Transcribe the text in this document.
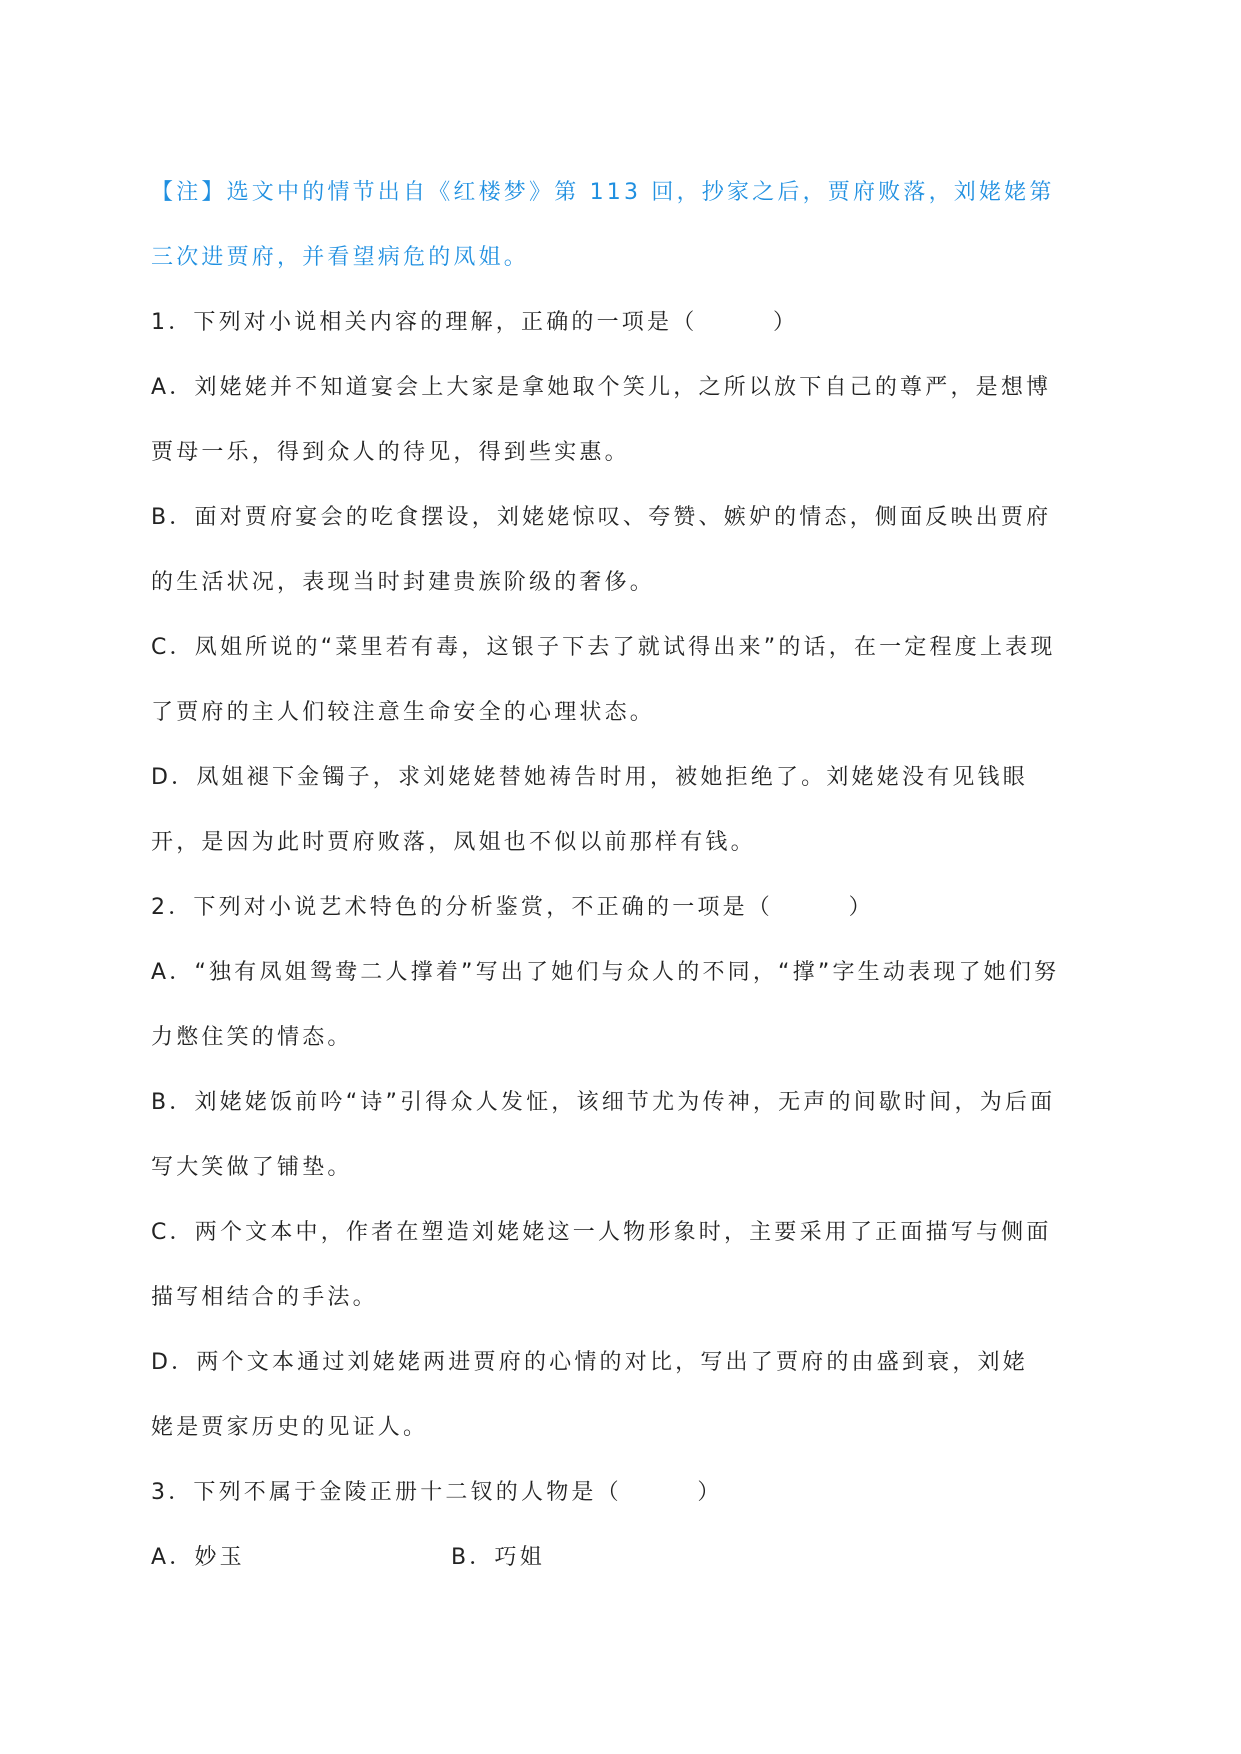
【注】选文中的情节出自《红楼梦》第 113 回，抄家之后，贾府败落，刘姥姥第
三次进贾府，并看望病危的凤姐。
1．下列对小说相关内容的理解，正确的一项是（　　　）
A．刘姥姥并不知道宴会上大家是拿她取个笑儿，之所以放下自己的尊严，是想博
贾母一乐，得到众人的待见，得到些实惠。
B．面对贾府宴会的吃食摆设，刘姥姥惊叹、夸赞、嫉妒的情态，侧面反映出贾府
的生活状况，表现当时封建贵族阶级的奢侈。
C．凤姐所说的“菜里若有毒，这银子下去了就试得出来”的话，在一定程度上表现
了贾府的主人们较注意生命安全的心理状态。
D．凤姐褪下金镯子，求刘姥姥替她祷告时用，被她拒绝了。刘姥姥没有见钱眼
开，是因为此时贾府败落，凤姐也不似以前那样有钱。
2．下列对小说艺术特色的分析鉴赏，不正确的一项是（　　　）
A．“独有凤姐鸳鸯二人撑着”写出了她们与众人的不同，“撑”字生动表现了她们努
力憋住笑的情态。
B．刘姥姥饭前吟“诗”引得众人发怔，该细节尤为传神，无声的间歇时间，为后面
写大笑做了铺垫。
C．两个文本中，作者在塑造刘姥姥这一人物形象时，主要采用了正面描写与侧面
描写相结合的手法。
D．两个文本通过刘姥姥两进贾府的心情的对比，写出了贾府的由盛到衰，刘姥
姥是贾家历史的见证人。
3．下列不属于金陵正册十二钗的人物是（　　　）
A．妙玉	B．巧姐
